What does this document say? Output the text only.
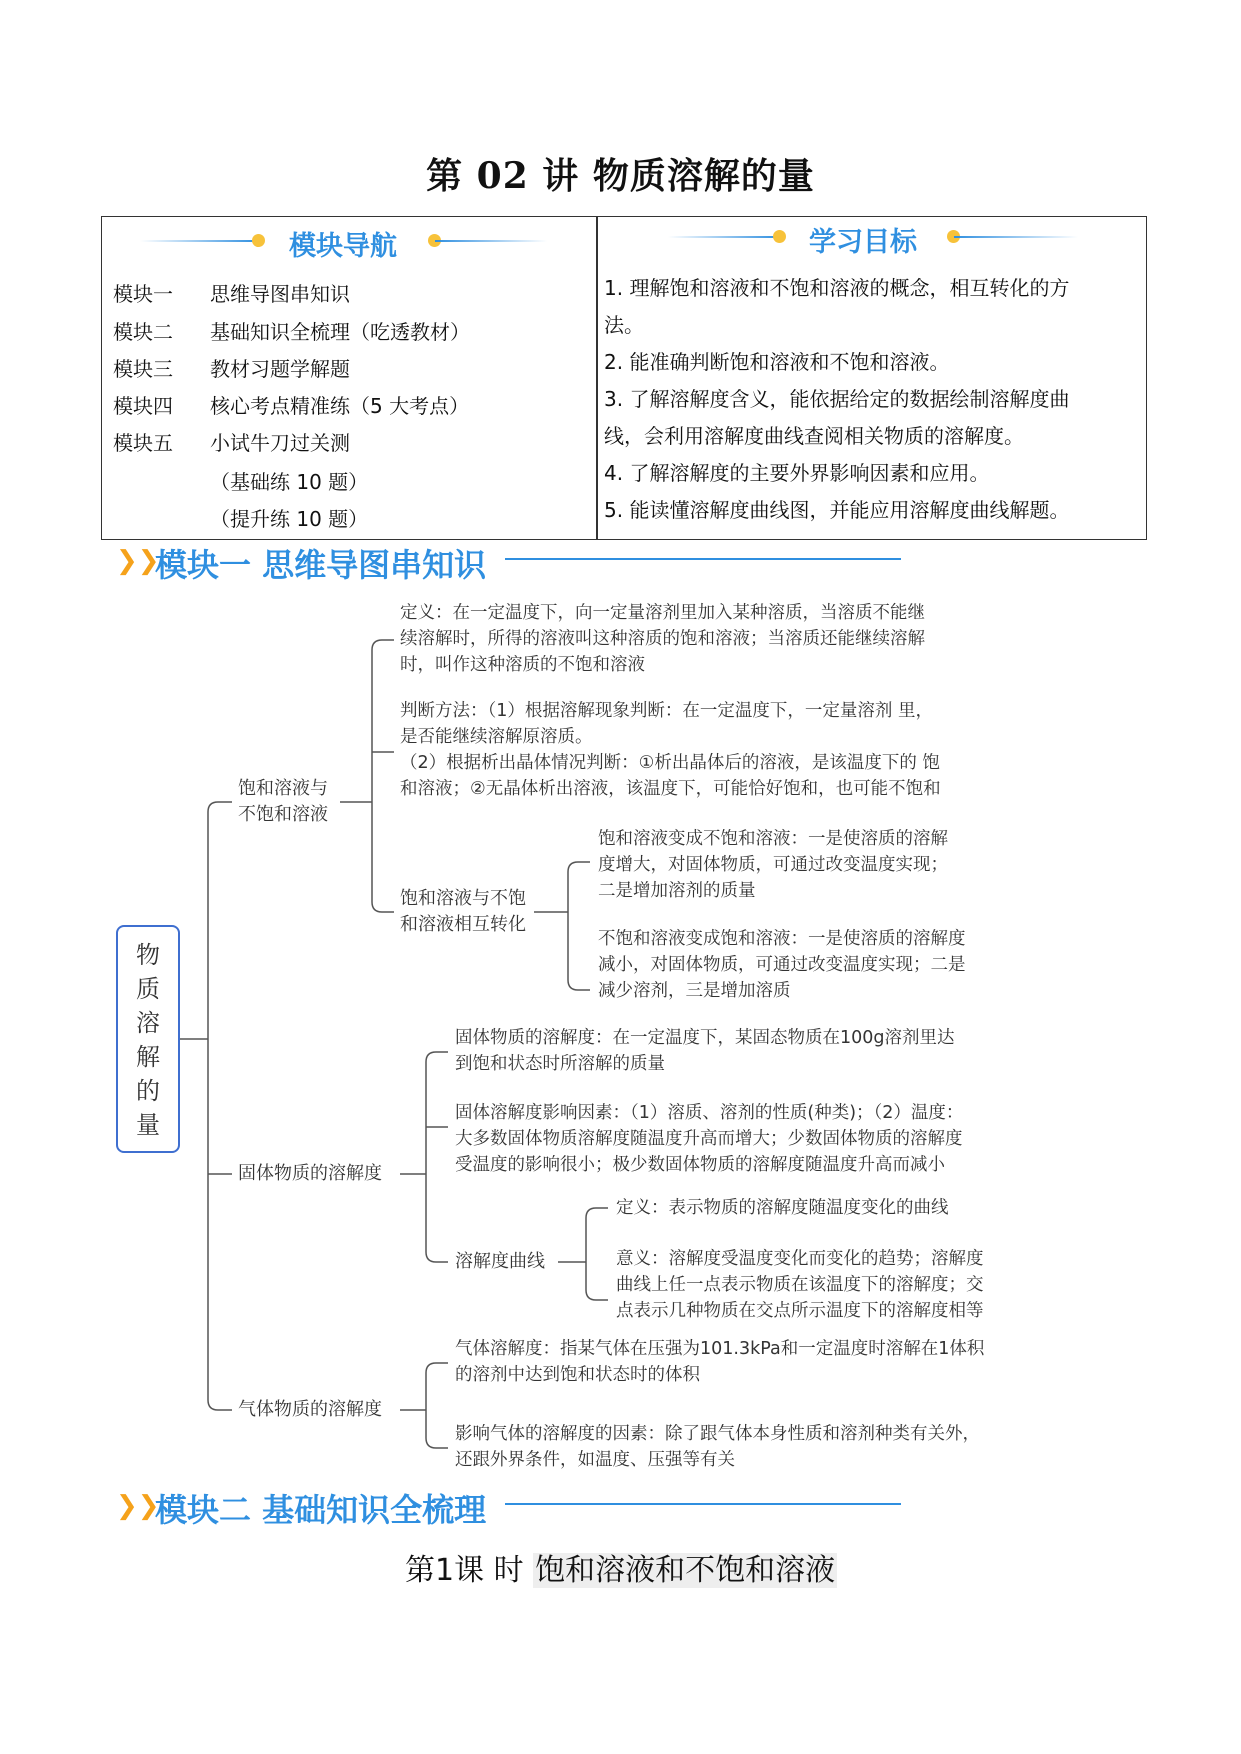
第 02 讲 物质溶解的量
模块导航
模块一 思维导图串知识
模块二 基础知识全梳理（吃透教材）
模块三 教材习题学解题
模块四 核心考点精准练（5 大考点）
模块五 小试牛刀过关测
（基础练 10 题）
（提升练 10 题）
学习目标
1. 理解饱和溶液和不饱和溶液的概念，相互转化的方
法。
2. 能准确判断饱和溶液和不饱和溶液。
3. 了解溶解度含义，能依据给定的数据绘制溶解度曲
线，会利用溶解度曲线查阅相关物质的溶解度。
4. 了解溶解度的主要外界影响因素和应用。
5. 能读懂溶解度曲线图，并能应用溶解度曲线解题。
❯❯
模块一 思维导图串知识
物
质
溶
解
的
量
饱和溶液与
不饱和溶液
定义：在一定温度下，向一定量溶剂里加入某种溶质，当溶质不能继
续溶解时，所得的溶液叫这种溶质的饱和溶液；当溶质还能继续溶解
时，叫作这种溶质的不饱和溶液
判断方法：（1）根据溶解现象判断：在一定温度下，一定量溶剂 里，
是否能继续溶解原溶质。
（2）根据析出晶体情况判断：①析出晶体后的溶液，是该温度下的 饱
和溶液；②无晶体析出溶液，该温度下，可能恰好饱和，也可能不饱和
饱和溶液与不饱
和溶液相互转化
饱和溶液变成不饱和溶液：一是使溶质的溶解
度增大，对固体物质，可通过改变温度实现；
二是增加溶剂的质量
不饱和溶液变成饱和溶液：一是使溶质的溶解度
减小，对固体物质，可通过改变温度实现；二是
减少溶剂，三是增加溶质
固体物质的溶解度
固体物质的溶解度：在一定温度下，某固态物质在100g溶剂里达
到饱和状态时所溶解的质量
固体溶解度影响因素：（1）溶质、溶剂的性质(种类)；（2）温度：
大多数固体物质溶解度随温度升高而增大；少数固体物质的溶解度
受温度的影响很小；极少数固体物质的溶解度随温度升高而减小
溶解度曲线
定义：表示物质的溶解度随温度变化的曲线
意义：溶解度受温度变化而变化的趋势；溶解度
曲线上任一点表示物质在该温度下的溶解度；交
点表示几种物质在交点所示温度下的溶解度相等
气体物质的溶解度
气体溶解度：指某气体在压强为101.3kPa和一定温度时溶解在1体积
的溶剂中达到饱和状态时的体积
影响气体的溶解度的因素：除了跟气体本身性质和溶剂种类有关外，
还跟外界条件，如温度、压强等有关
❯❯
模块二 基础知识全梳理
第1课 时 饱和溶液和不饱和溶液
